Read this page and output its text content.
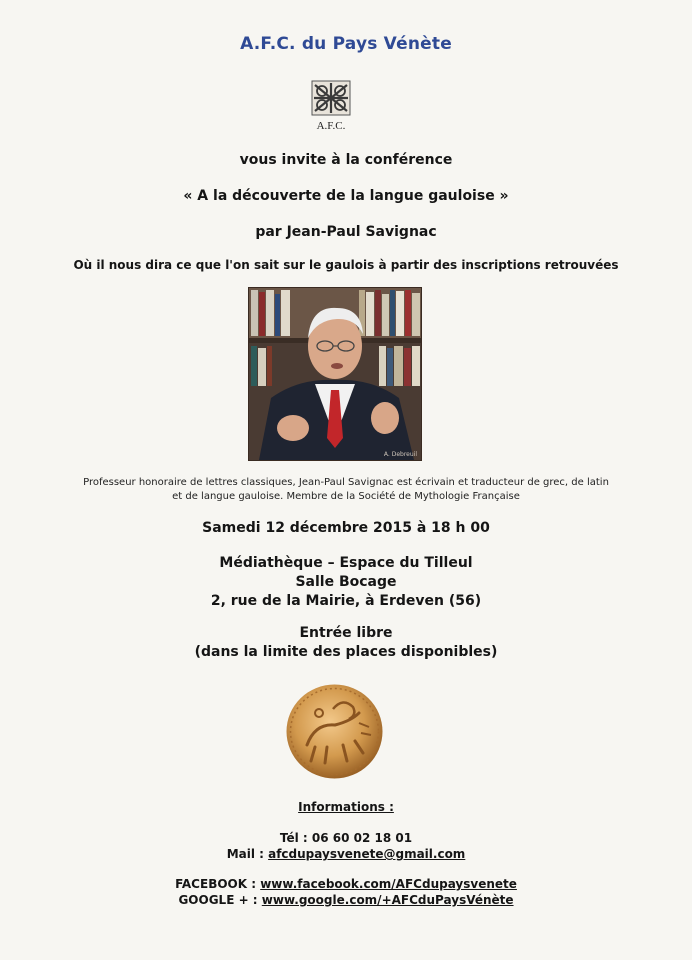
A.F.C. du Pays Vénète
A.F.C.
vous invite à la conférence
« A la découverte de la langue gauloise »
par Jean-Paul Savignac
Où il nous dira ce que l'on sait sur le gaulois à partir des inscriptions retrouvées
A. Debreuil
Professeur honoraire de lettres classiques, Jean-Paul Savignac est écrivain et traducteur de grec, de latin
et de langue gauloise. Membre de la Société de Mythologie Française
Samedi 12 décembre 2015 à 18 h 00
Médiathèque – Espace du Tilleul
Salle Bocage
2, rue de la Mairie, à Erdeven (56)
Entrée libre
(dans la limite des places disponibles)
Informations :
Tél : 06 60 02 18 01
Mail : afcdupaysvenete@gmail.com
FACEBOOK : www.facebook.com/AFCdupaysvenete
GOOGLE + : www.google.com/+AFCduPaysVénète
